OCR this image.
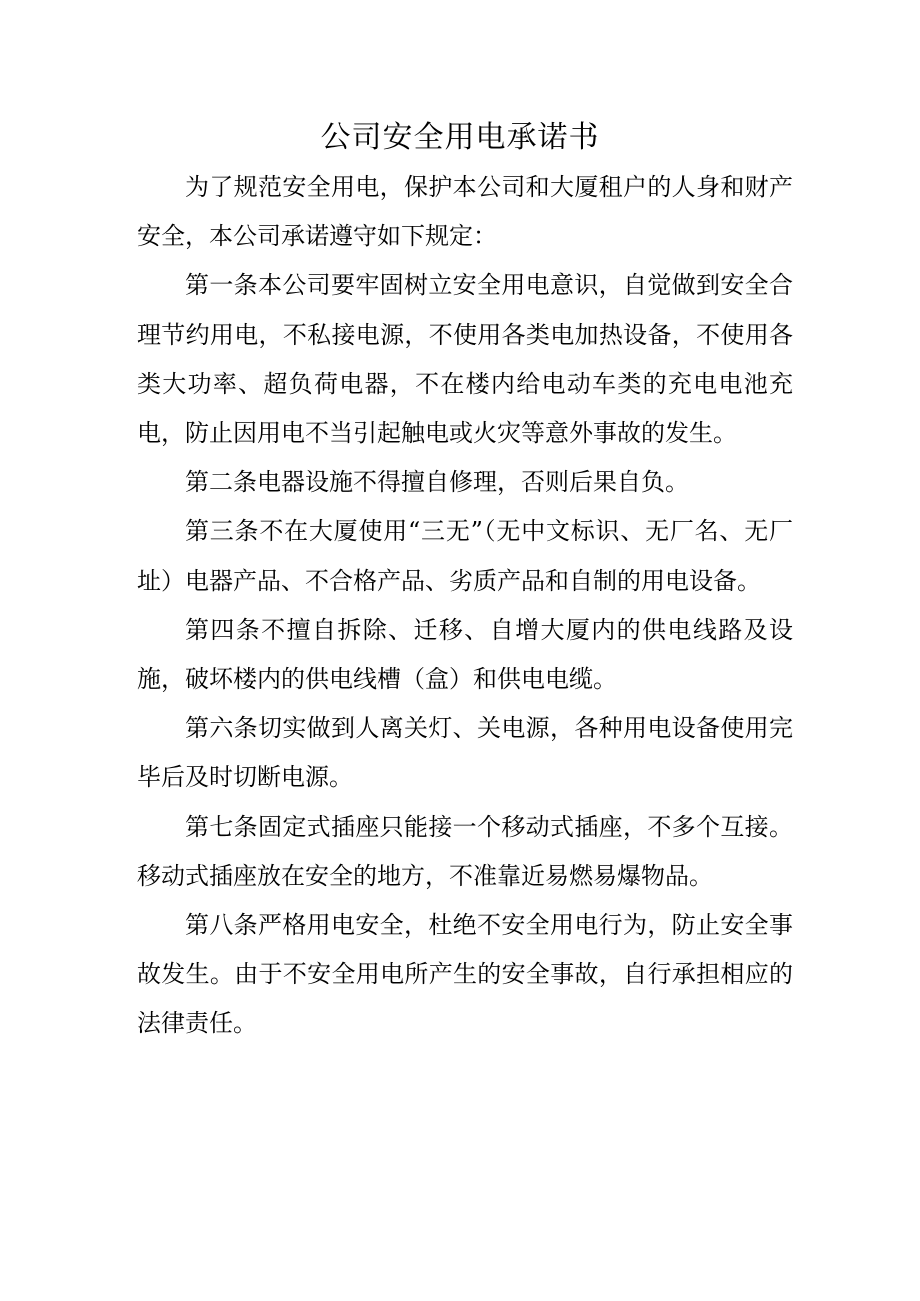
公司安全用电承诺书

为了规范安全用电，保护本公司和大厦租户的人身和财产安全，本公司承诺遵守如下规定：

第一条本公司要牢固树立安全用电意识，自觉做到安全合理节约用电，不私接电源，不使用各类电加热设备，不使用各类大功率、超负荷电器，不在楼内给电动车类的充电电池充电，防止因用电不当引起触电或火灾等意外事故的发生。

第二条电器设施不得擅自修理，否则后果自负。

第三条不在大厦使用“三无”（无中文标识、无厂名、无厂址）电器产品、不合格产品、劣质产品和自制的用电设备。

第四条不擅自拆除、迁移、自增大厦内的供电线路及设施，破坏楼内的供电线槽（盒）和供电电缆。

第六条切实做到人离关灯、关电源，各种用电设备使用完毕后及时切断电源。

第七条固定式插座只能接一个移动式插座，不多个互接。移动式插座放在安全的地方，不准靠近易燃易爆物品。

第八条严格用电安全，杜绝不安全用电行为，防止安全事故发生。由于不安全用电所产生的安全事故，自行承担相应的法律责任。
